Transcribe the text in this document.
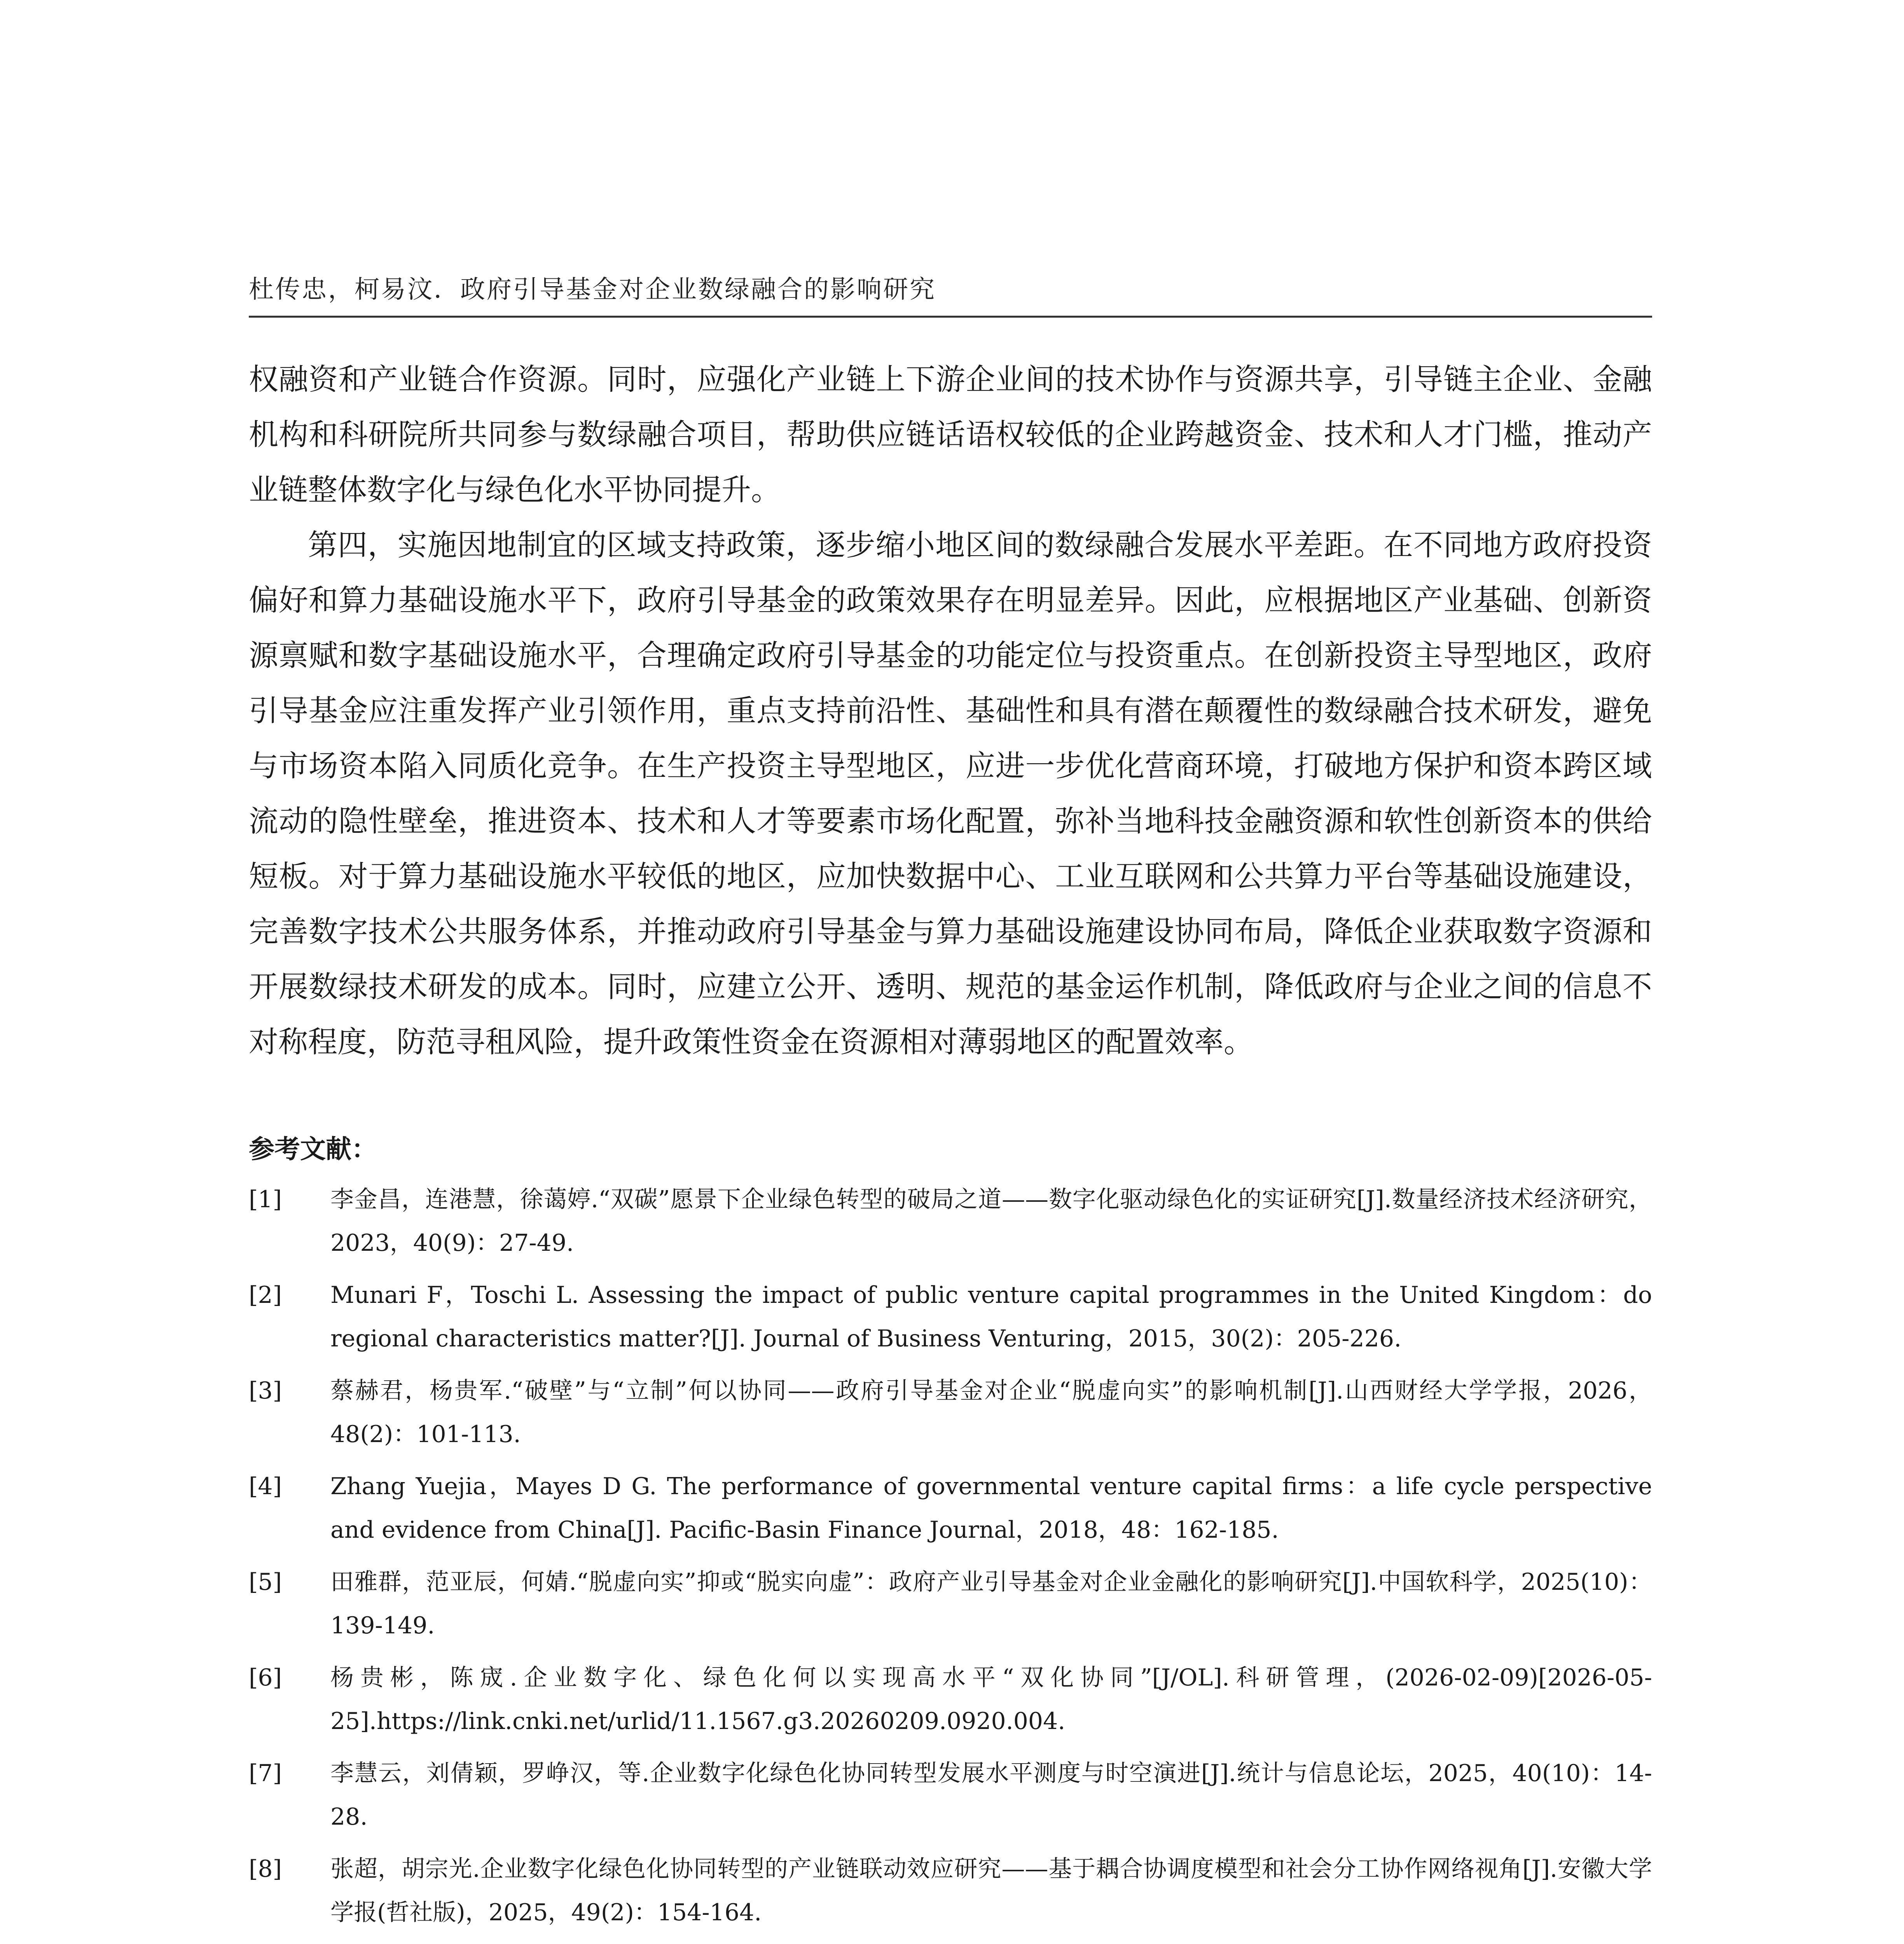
杜传忠，柯易汶．政府引导基金对企业数绿融合的影响研究

权融资和产业链合作资源。同时，应强化产业链上下游企业间的技术协作与资源共享，引导链主企业、金融机构和科研院所共同参与数绿融合项目，帮助供应链话语权较低的企业跨越资金、技术和人才门槛，推动产业链整体数字化与绿色化水平协同提升。

第四，实施因地制宜的区域支持政策，逐步缩小地区间的数绿融合发展水平差距。在不同地方政府投资偏好和算力基础设施水平下，政府引导基金的政策效果存在明显差异。因此，应根据地区产业基础、创新资源禀赋和数字基础设施水平，合理确定政府引导基金的功能定位与投资重点。在创新投资主导型地区，政府引导基金应注重发挥产业引领作用，重点支持前沿性、基础性和具有潜在颠覆性的数绿融合技术研发，避免与市场资本陷入同质化竞争。在生产投资主导型地区，应进一步优化营商环境，打破地方保护和资本跨区域流动的隐性壁垒，推进资本、技术和人才等要素市场化配置，弥补当地科技金融资源和软性创新资本的供给短板。对于算力基础设施水平较低的地区，应加快数据中心、工业互联网和公共算力平台等基础设施建设，完善数字技术公共服务体系，并推动政府引导基金与算力基础设施建设协同布局，降低企业获取数字资源和开展数绿技术研发的成本。同时，应建立公开、透明、规范的基金运作机制，降低政府与企业之间的信息不对称程度，防范寻租风险，提升政策性资金在资源相对薄弱地区的配置效率。

参考文献：
[1]	李金昌，连港慧，徐蔼婷.“双碳”愿景下企业绿色转型的破局之道——数字化驱动绿色化的实证研究[J].数量经济技术经济研究，2023，40(9)：27-49.
[2]	Munari F，Toschi L. Assessing the impact of public venture capital programmes in the United Kingdom：do regional characteristics matter?[J]. Journal of Business Venturing，2015，30(2)：205-226.
[3]	蔡赫君，杨贵军.“破壁”与“立制”何以协同——政府引导基金对企业“脱虚向实”的影响机制[J].山西财经大学学报，2026，48(2)：101-113.
[4]	Zhang Yuejia，Mayes D G. The performance of governmental venture capital firms：a life cycle perspective and evidence from China[J]. Pacific-Basin Finance Journal，2018，48：162-185.
[5]	田雅群，范亚辰，何婧.“脱虚向实”抑或“脱实向虚”：政府产业引导基金对企业金融化的影响研究[J].中国软科学，2025(10)：139-149.
[6]	杨贵彬，陈宬.企业数字化、绿色化何以实现高水平“双化协同”[J/OL].科研管理，(2026-02-09)[2026-05-25].https://link.cnki.net/urlid/11.1567.g3.20260209.0920.004.
[7]	李慧云，刘倩颖，罗峥汉，等.企业数字化绿色化协同转型发展水平测度与时空演进[J].统计与信息论坛，2025，40(10)：14-28.
[8]	张超，胡宗光.企业数字化绿色化协同转型的产业链联动效应研究——基于耦合协调度模型和社会分工协作网络视角[J].安徽大学学报(哲社版)，2025，49(2)：154-164.
